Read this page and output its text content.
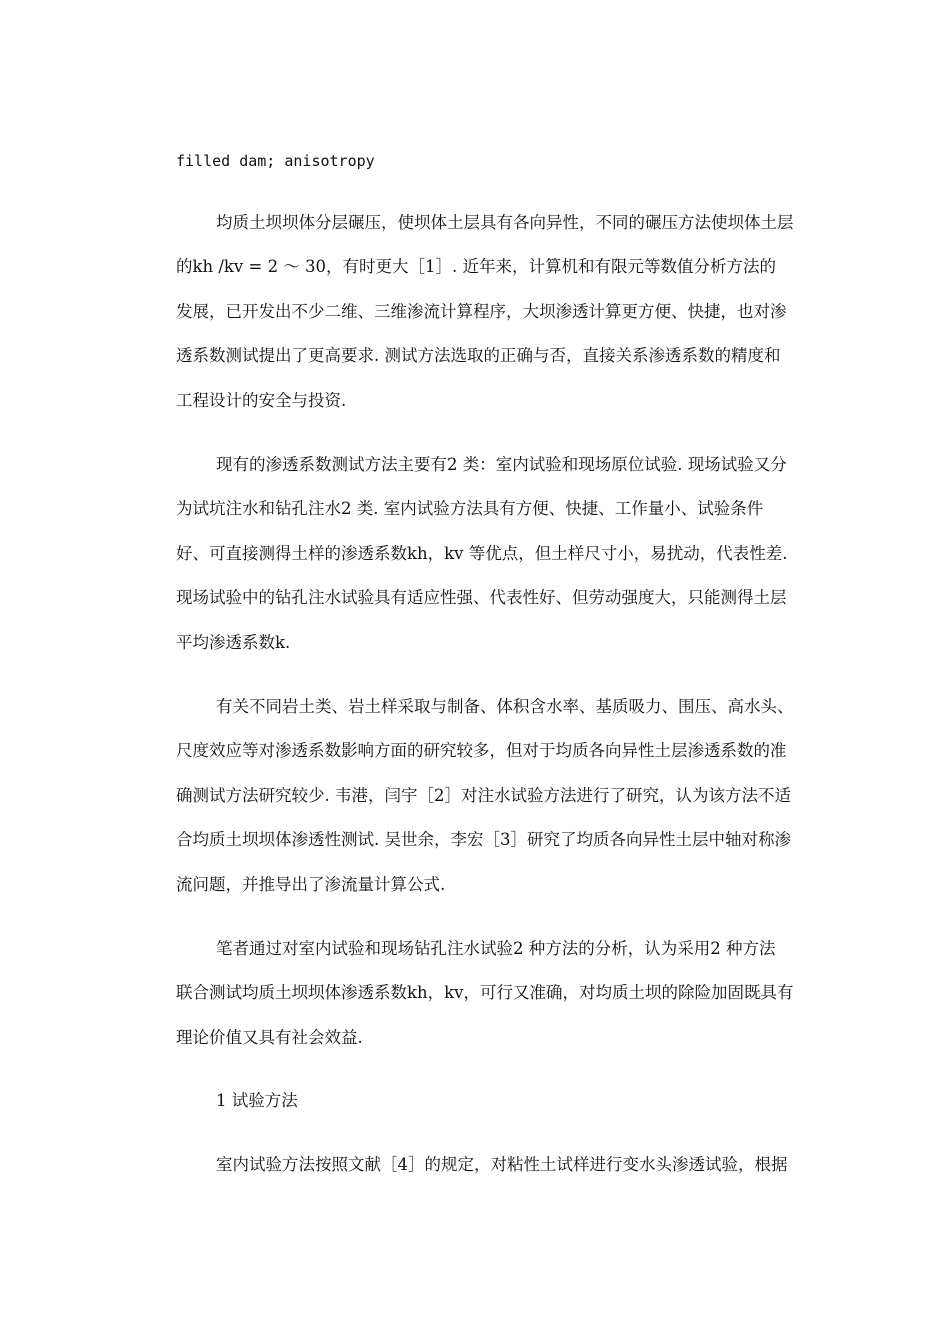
filled dam; anisotropy

均质土坝坝体分层碾压，使坝体土层具有各向异性，不同的碾压方法使坝体土层

的kh /kv = 2 ～ 30，有时更大［1］. 近年来，计算机和有限元等数值分析方法的

发展，已开发出不少二维、三维渗流计算程序，大坝渗透计算更方便、快捷，也对渗

透系数测试提出了更高要求. 测试方法选取的正确与否，直接关系渗透系数的精度和

工程设计的安全与投资.

现有的渗透系数测试方法主要有2 类：室内试验和现场原位试验. 现场试验又分

为试坑注水和钻孔注水2 类. 室内试验方法具有方便、快捷、工作量小、试验条件

好、可直接测得土样的渗透系数kh，kv 等优点，但土样尺寸小，易扰动，代表性差.

现场试验中的钻孔注水试验具有适应性强、代表性好、但劳动强度大，只能测得土层

平均渗透系数k.

有关不同岩土类、岩土样采取与制备、体积含水率、基质吸力、围压、高水头、

尺度效应等对渗透系数影响方面的研究较多，但对于均质各向异性土层渗透系数的准

确测试方法研究较少. 韦港，闫宇［2］对注水试验方法进行了研究，认为该方法不适

合均质土坝坝体渗透性测试. 吴世余，李宏［3］研究了均质各向异性土层中轴对称渗

流问题，并推导出了渗流量计算公式.

笔者通过对室内试验和现场钻孔注水试验2 种方法的分析，认为采用2 种方法

联合测试均质土坝坝体渗透系数kh，kv，可行又准确，对均质土坝的除险加固既具有

理论价值又具有社会效益.

1 试验方法

室内试验方法按照文献［4］的规定，对粘性土试样进行变水头渗透试验，根据
